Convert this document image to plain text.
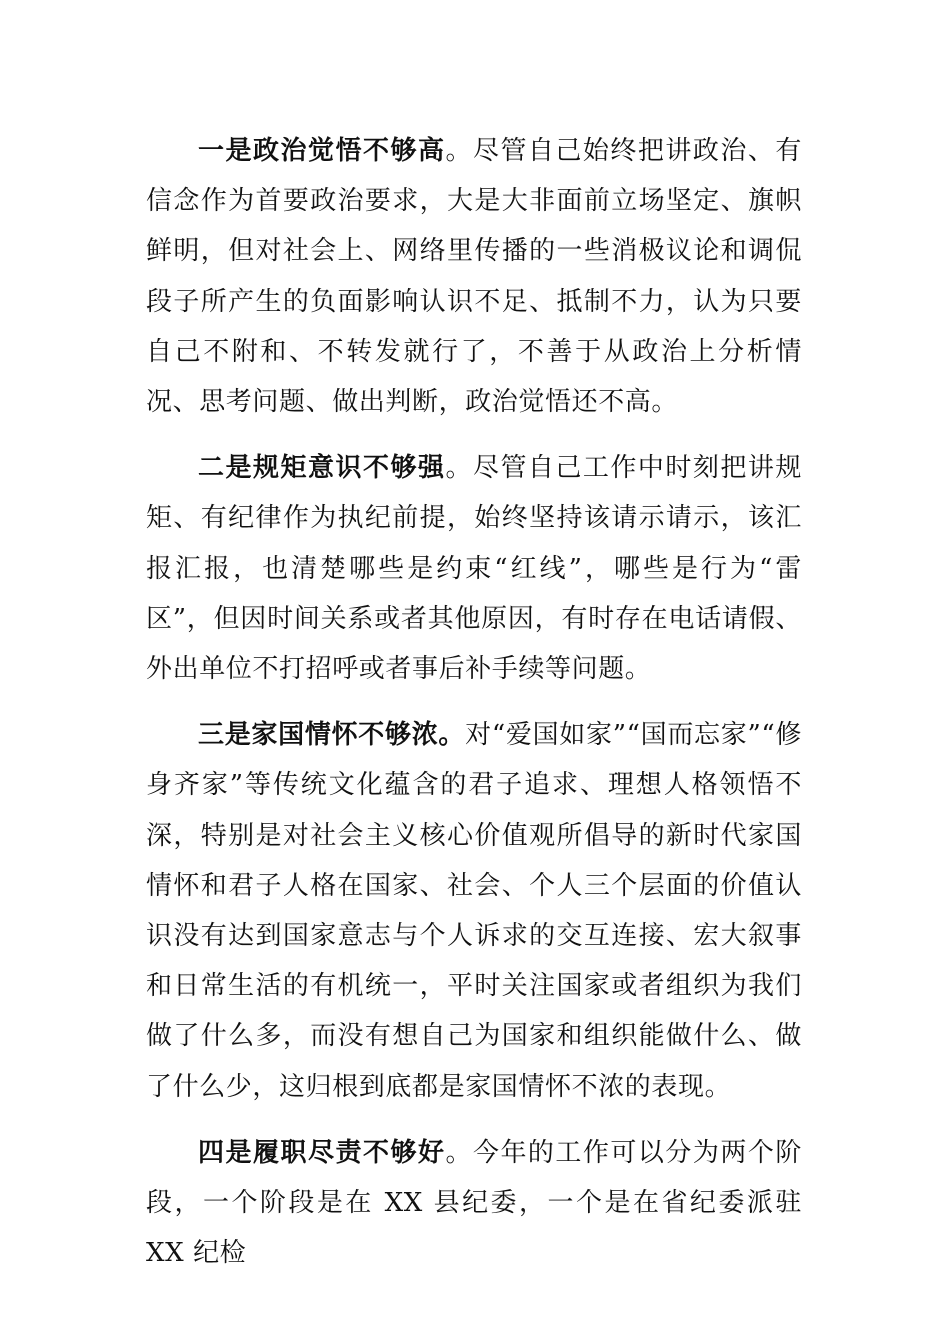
一是政治觉悟不够高。尽管自己始终把讲政治、有信念作为首要政治要求，大是大非面前立场坚定、旗帜鲜明，但对社会上、网络里传播的一些消极议论和调侃段子所产生的负面影响认识不足、抵制不力，认为只要自己不附和、不转发就行了，不善于从政治上分析情况、思考问题、做出判断，政治觉悟还不高。

二是规矩意识不够强。尽管自己工作中时刻把讲规矩、有纪律作为执纪前提，始终坚持该请示请示，该汇报汇报，也清楚哪些是约束“红线”，哪些是行为“雷区”，但因时间关系或者其他原因，有时存在电话请假、外出单位不打招呼或者事后补手续等问题。

三是家国情怀不够浓。对“爱国如家”“国而忘家”“修身齐家”等传统文化蕴含的君子追求、理想人格领悟不深，特别是对社会主义核心价值观所倡导的新时代家国情怀和君子人格在国家、社会、个人三个层面的价值认识没有达到国家意志与个人诉求的交互连接、宏大叙事和日常生活的有机统一，平时关注国家或者组织为我们做了什么多，而没有想自己为国家和组织能做什么、做了什么少，这归根到底都是家国情怀不浓的表现。

四是履职尽责不够好。今年的工作可以分为两个阶段，一个阶段是在 XX 县纪委，一个是在省纪委派驻 XX 纪检
